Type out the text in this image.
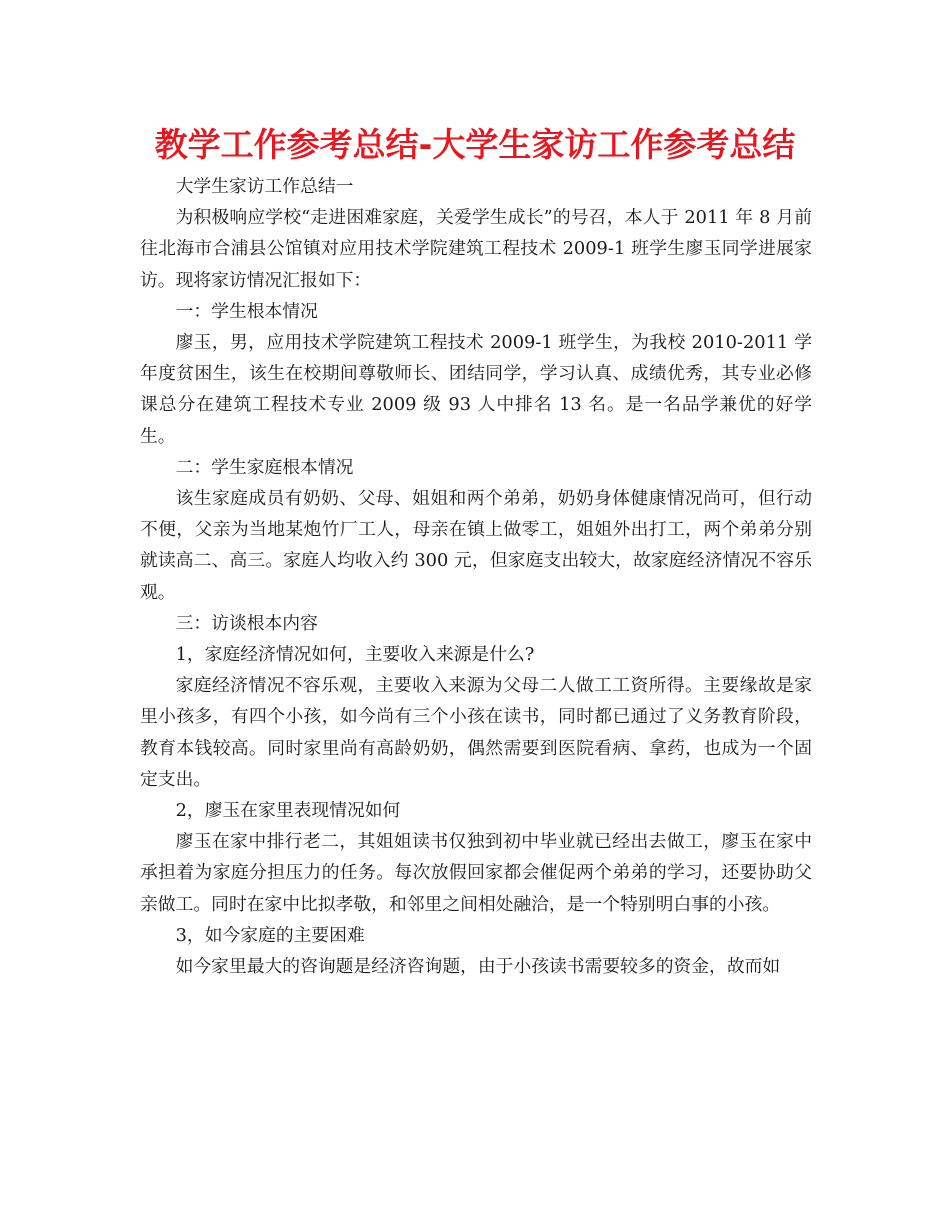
教学工作参考总结-大学生家访工作参考总结

大学生家访工作总结一

为积极响应学校“走进困难家庭，关爱学生成长”的号召，本人于 2011 年 8 月前往北海市合浦县公馆镇对应用技术学院建筑工程技术 2009-1 班学生廖玉同学进展家访。现将家访情况汇报如下：

一：学生根本情况

廖玉，男，应用技术学院建筑工程技术 2009-1 班学生，为我校 2010-2011 学年度贫困生，该生在校期间尊敬师长、团结同学，学习认真、成绩优秀，其专业必修课总分在建筑工程技术专业 2009 级 93 人中排名 13 名。是一名品学兼优的好学生。

二：学生家庭根本情况

该生家庭成员有奶奶、父母、姐姐和两个弟弟，奶奶身体健康情况尚可，但行动不便，父亲为当地某炮竹厂工人，母亲在镇上做零工，姐姐外出打工，两个弟弟分别就读高二、高三。家庭人均收入约 300 元，但家庭支出较大，故家庭经济情况不容乐观。

三：访谈根本内容

1，家庭经济情况如何，主要收入来源是什么?

家庭经济情况不容乐观，主要收入来源为父母二人做工工资所得。主要缘故是家里小孩多，有四个小孩，如今尚有三个小孩在读书，同时都已通过了义务教育阶段，教育本钱较高。同时家里尚有高龄奶奶，偶然需要到医院看病、拿药，也成为一个固定支出。

2，廖玉在家里表现情况如何

廖玉在家中排行老二，其姐姐读书仅独到初中毕业就已经出去做工，廖玉在家中承担着为家庭分担压力的任务。每次放假回家都会催促两个弟弟的学习，还要协助父亲做工。同时在家中比拟孝敬，和邻里之间相处融洽，是一个特别明白事的小孩。

3，如今家庭的主要困难

如今家里最大的咨询题是经济咨询题，由于小孩读书需要较多的资金，故而如
